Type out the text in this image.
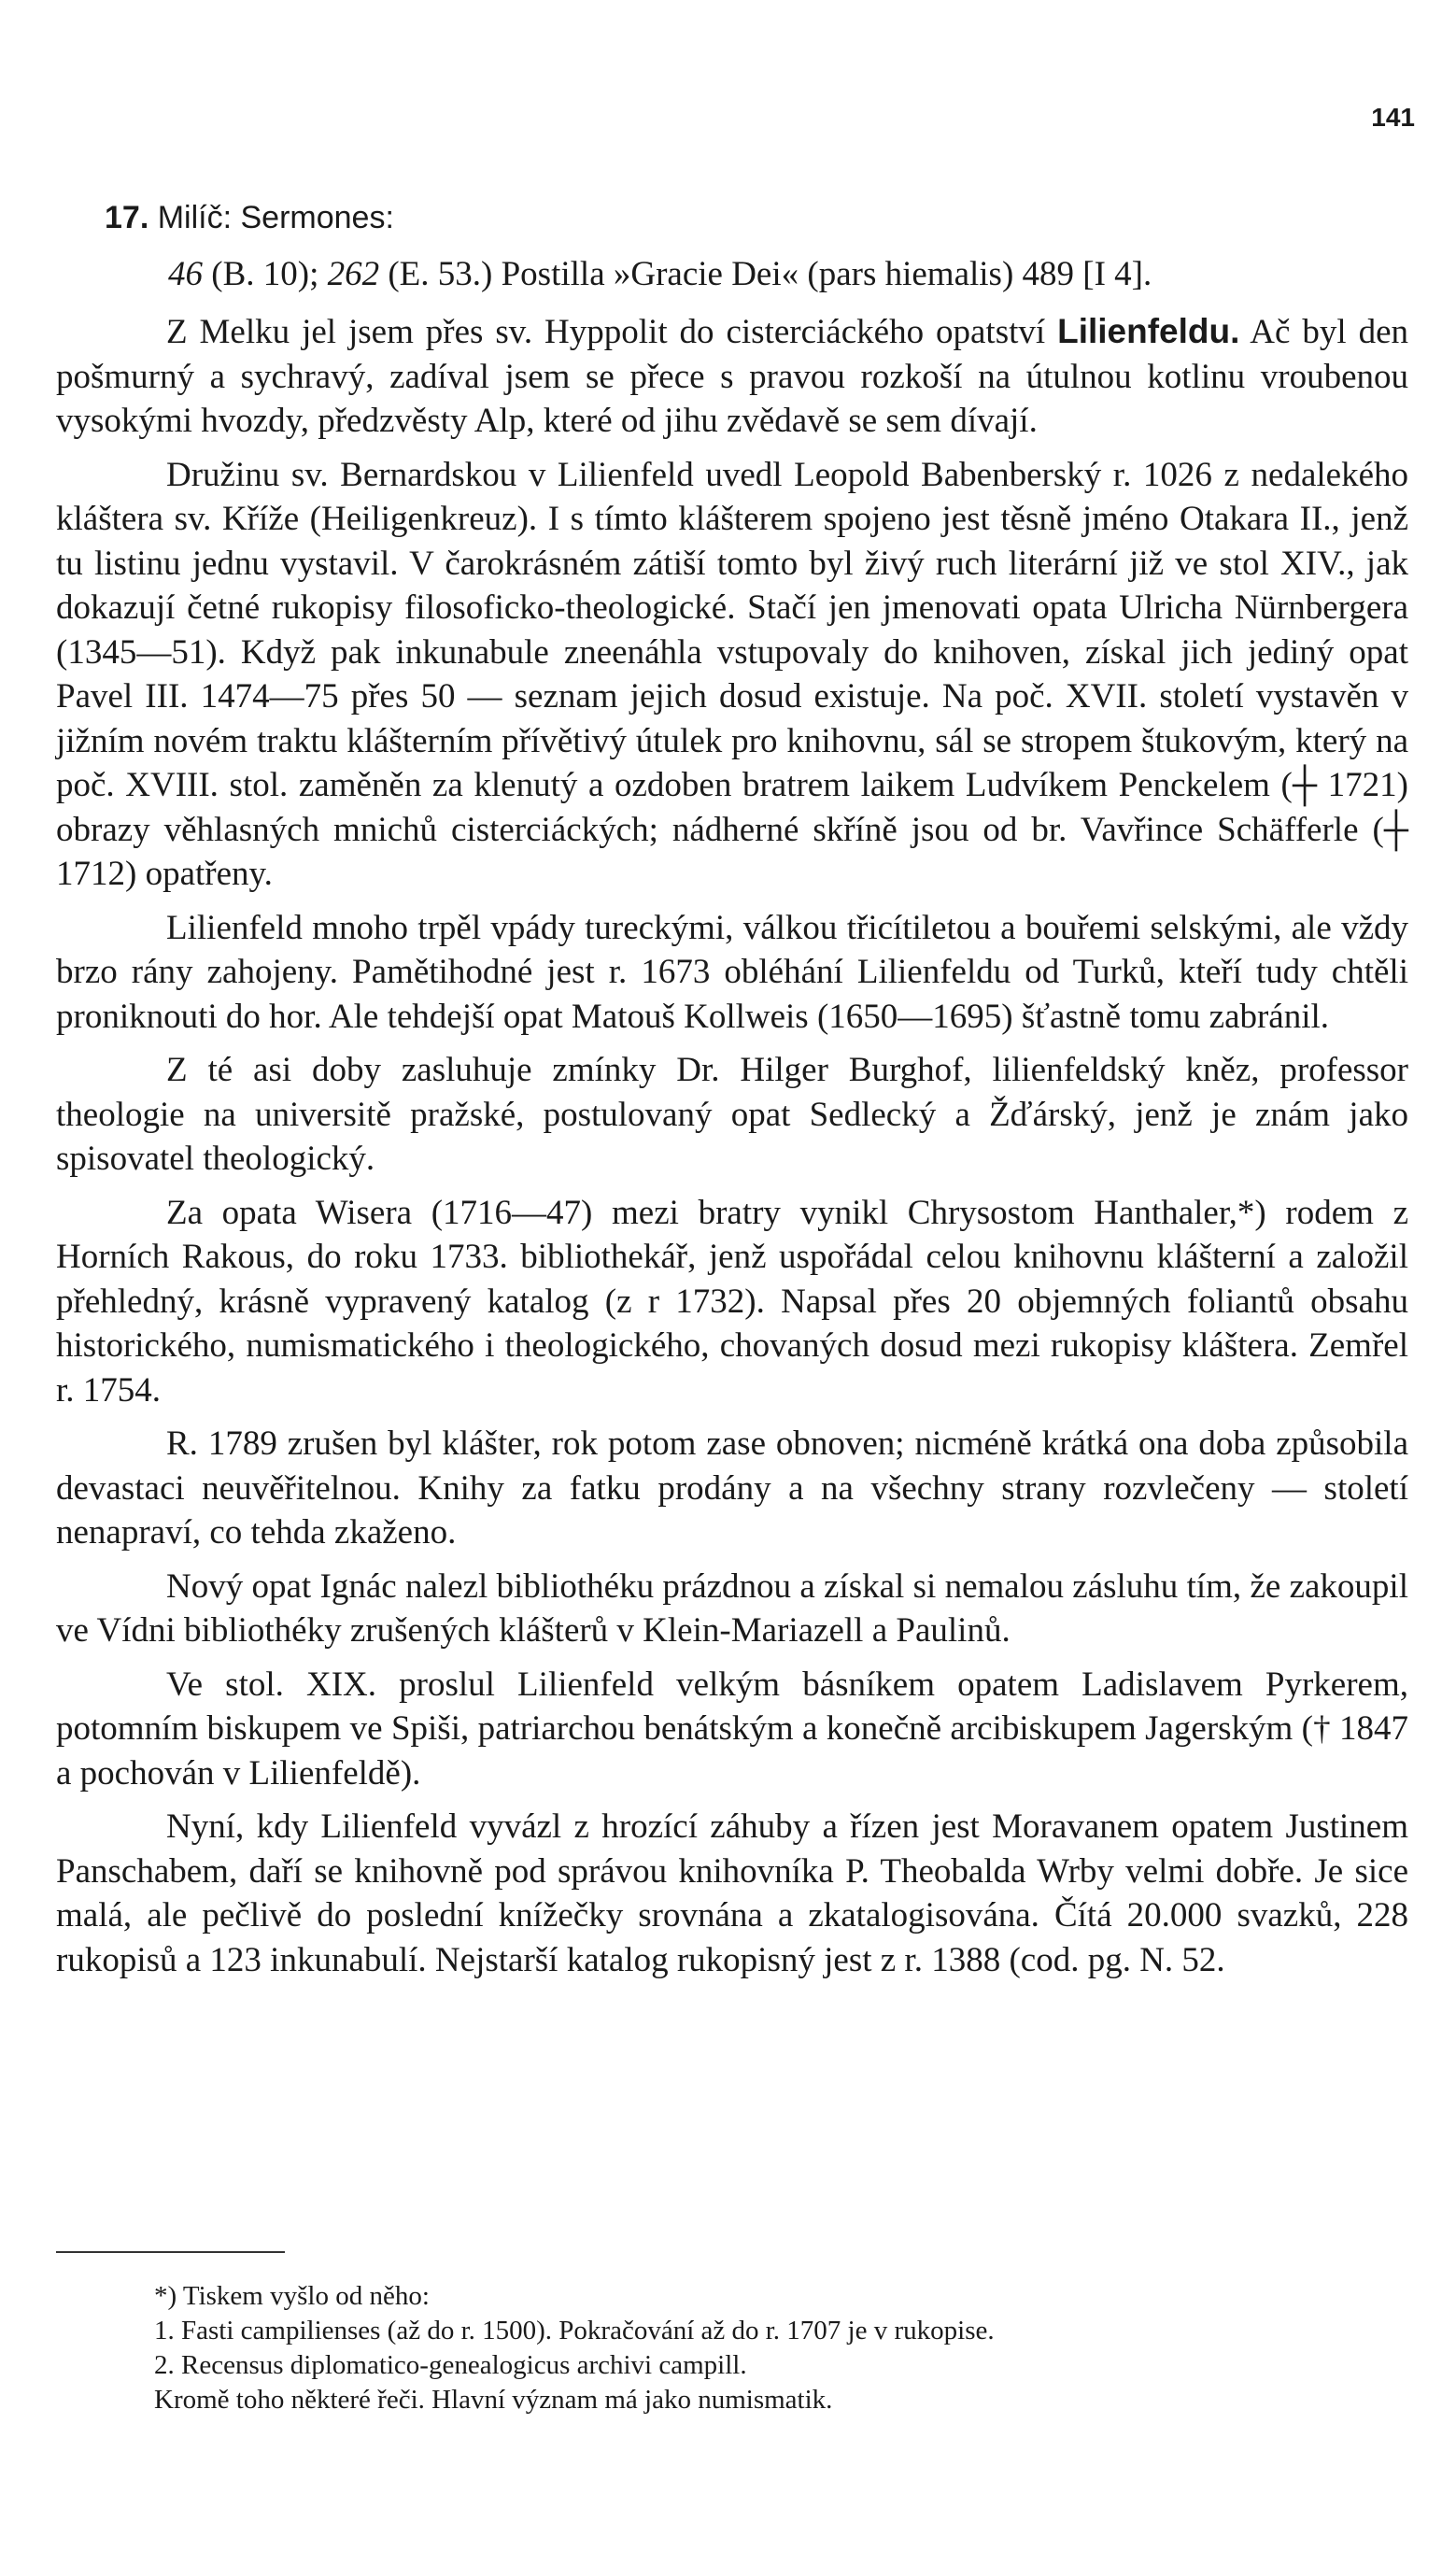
141
17. Milíč: Sermones:
46 (B. 10); 262 (E. 53.) Postilla »Gracie Dei« (pars hiemalis) 489 [I 4].

Z Melku jel jsem přes sv. Hyppolit do cisterciáckého opatství Lilienfeldu. Ač byl den pošmurný a sychravý, zadíval jsem se přece s pravou rozkoší na útulnou kotlinu vroubenou vysokými hvozdy, předzvěsty Alp, které od jihu zvědavě se sem dívají.

Družinu sv. Bernardskou v Lilienfeld uvedl Leopold Babenberský r. 1026 z nedalekého kláštera sv. Kříže (Heiligenkreuz). I s tímto klášterem spojeno jest těsně jméno Otakara II., jenž tu listinu jednu vystavil. V čarokrásném zátiší tomto byl živý ruch literární již ve stol XIV., jak dokazují četné rukopisy filosoficko-theologické. Stačí jen jmenovati opata Ulricha Nürnbergera (1345—51). Když pak inkunabule zneenáhla vstupovaly do knihoven, získal jich jediný opat Pavel III. 1474—75 přes 50 — seznam jejich dosud existuje. Na poč. XVII. století vystavěn v jižním novém traktu klášterním přívětivý útulek pro knihovnu, sál se stropem štukovým, který na poč. XVIII. stol. zaměněn za klenutý a ozdoben bratrem laikem Ludvíkem Penckelem (┼ 1721) obrazy věhlasných mnichů cisterciáckých; nádherné skříně jsou od br. Vavřince Schäfferle (┼ 1712) opatřeny.

Lilienfeld mnoho trpěl vpády tureckými, válkou třicítiletou a bouřemi selskými, ale vždy brzo rány zahojeny. Pamětihodné jest r. 1673 obléhání Lilienfeldu od Turků, kteří tudy chtěli proniknouti do hor. Ale tehdejší opat Matouš Kollweis (1650—1695) šťastně tomu zabránil.

Z té asi doby zasluhuje zmínky Dr. Hilger Burghof, lilienfeldský kněz, professor theologie na universitě pražské, postulovaný opat Sedlecký a Žďárský, jenž je znám jako spisovatel theologický.

Za opata Wisera (1716—47) mezi bratry vynikl Chrysostom Hanthaler,*) rodem z Horních Rakous, do roku 1733. bibliothekář, jenž uspořádal celou knihovnu klášterní a založil přehledný, krásně vypravený katalog (z r 1732). Napsal přes 20 objemných foliantů obsahu historického, numismatického i theologického, chovaných dosud mezi rukopisy kláštera. Zemřel r. 1754.

R. 1789 zrušen byl klášter, rok potom zase obnoven; nicméně krátká ona doba způsobila devastaci neuvěřitelnou. Knihy za fatku prodány a na všechny strany rozvlečeny — století nenapraví, co tehda zkaženo.

Nový opat Ignác nalezl bibliothéku prázdnou a získal si nemalou zásluhu tím, že zakoupil ve Vídni bibliothéky zrušených klášterů v Klein-Mariazell a Paulinů.

Ve stol. XIX. proslul Lilienfeld velkým básníkem opatem Ladislavem Pyrkerem, potomním biskupem ve Spiši, patriarchou benátským a konečně arcibiskupem Jagerským († 1847 a pochován v Lilienfeldě).

Nyní, kdy Lilienfeld vyvázl z hrozící záhuby a řízen jest Moravanem opatem Justinem Panschabem, daří se knihovně pod správou knihovníka P. Theobalda Wrby velmi dobře. Je sice malá, ale pečlivě do poslední knížečky srovnána a zkatalogisována. Čítá 20.000 svazků, 228 rukopisů a 123 inkunabulí. Nejstarší katalog rukopisný jest z r. 1388 (cod. pg. N. 52.

*) Tiskem vyšlo od něho:
1. Fasti campilienses (až do r. 1500). Pokračování až do r. 1707 je v rukopise.
2. Recensus diplomatico-genealogicus archivi campill.
Kromě toho některé řeči. Hlavní význam má jako numismatik.
